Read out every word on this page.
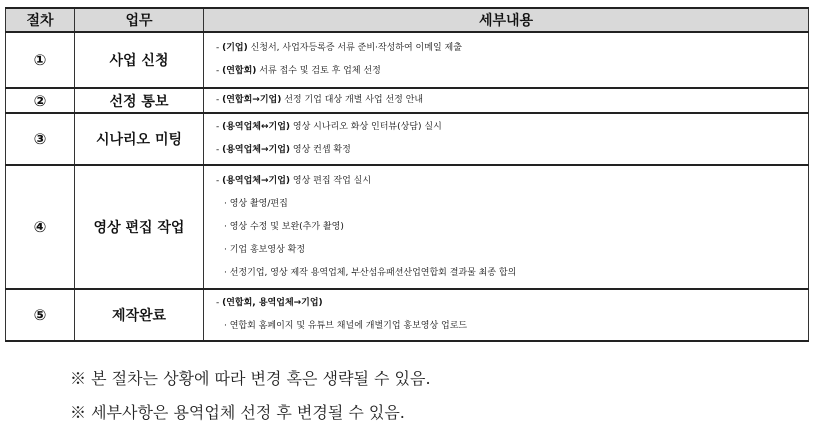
절차	업무	세부내용
①	사업 신청	- (기업) 신청서, 사업자등록증 서류 준비·작성하여 이메일 제출
- (연합회) 서류 접수 및 검토 후 업체 선정

②	선정 통보	- (연합회→기업) 선정 기업 대상 개별 사업 선정 안내

③	시나리오 미팅	- (용역업체↔기업) 영상 시나리오 화상 인터뷰(상담) 실시
- (용역업체→기업) 영상 컨셉 확정

④	영상 편집 작업	- (용역업체→기업) 영상 편집 작업 실시
· 영상 촬영/편집
· 영상 수정 및 보완(추가 촬영)
· 기업 홍보영상 확정
· 선정기업, 영상 제작 용역업체, 부산섬유패션산업연합회 결과물 최종 합의

⑤	제작완료	- (연합회, 용역업체→기업)
· 연합회 홈페이지 및 유튜브 채널에 개별기업 홍보영상 업로드
※ 본 절차는 상황에 따라 변경 혹은 생략될 수 있음.
※ 세부사항은 용역업체 선정 후 변경될 수 있음.
